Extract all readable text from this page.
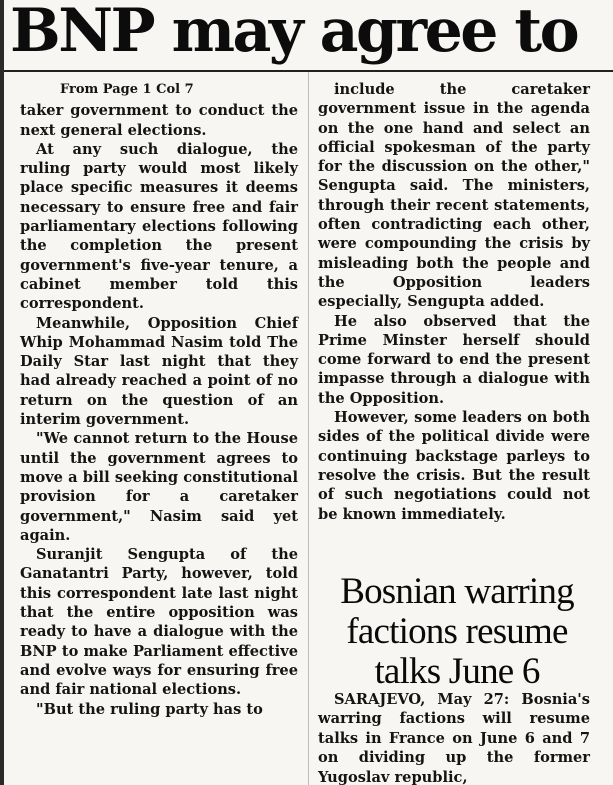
BNP may agree to

From Page 1 Col 7

taker government to conduct the next general elections.

At any such dialogue, the ruling party would most likely place specific measures it deems necessary to ensure free and fair parliamentary elections following the completion the present government's five-year tenure, a cabinet member told this correspondent.

Meanwhile, Opposition Chief Whip Mohammad Nasim told The Daily Star last night that they had already reached a point of no return on the question of an interim government.

"We cannot return to the House until the government agrees to move a bill seeking constitutional provision for a caretaker government," Nasim said yet again.

Suranjit Sengupta of the Ganatantri Party, however, told this correspondent late last night that the entire opposition was ready to have a dialogue with the BNP to make Parliament effective and evolve ways for ensuring free and fair national elections.

"But the ruling party has to

include the caretaker government issue in the agenda on the one hand and select an official spokesman of the party for the discussion on the other," Sengupta said. The ministers, through their recent statements, often contradicting each other, were compounding the crisis by misleading both the people and the Opposition leaders especially, Sengupta added.

He also observed that the Prime Minster herself should come forward to end the present impasse through a dialogue with the Opposition.

However, some leaders on both sides of the political divide were continuing backstage parleys to resolve the crisis. But the result of such negotiations could not be known immediately.

Bosnian warring factions resume talks June 6

SARAJEVO, May 27: Bosnia's warring factions will resume talks in France on June 6 and 7 on dividing up the former Yugoslav republic,
